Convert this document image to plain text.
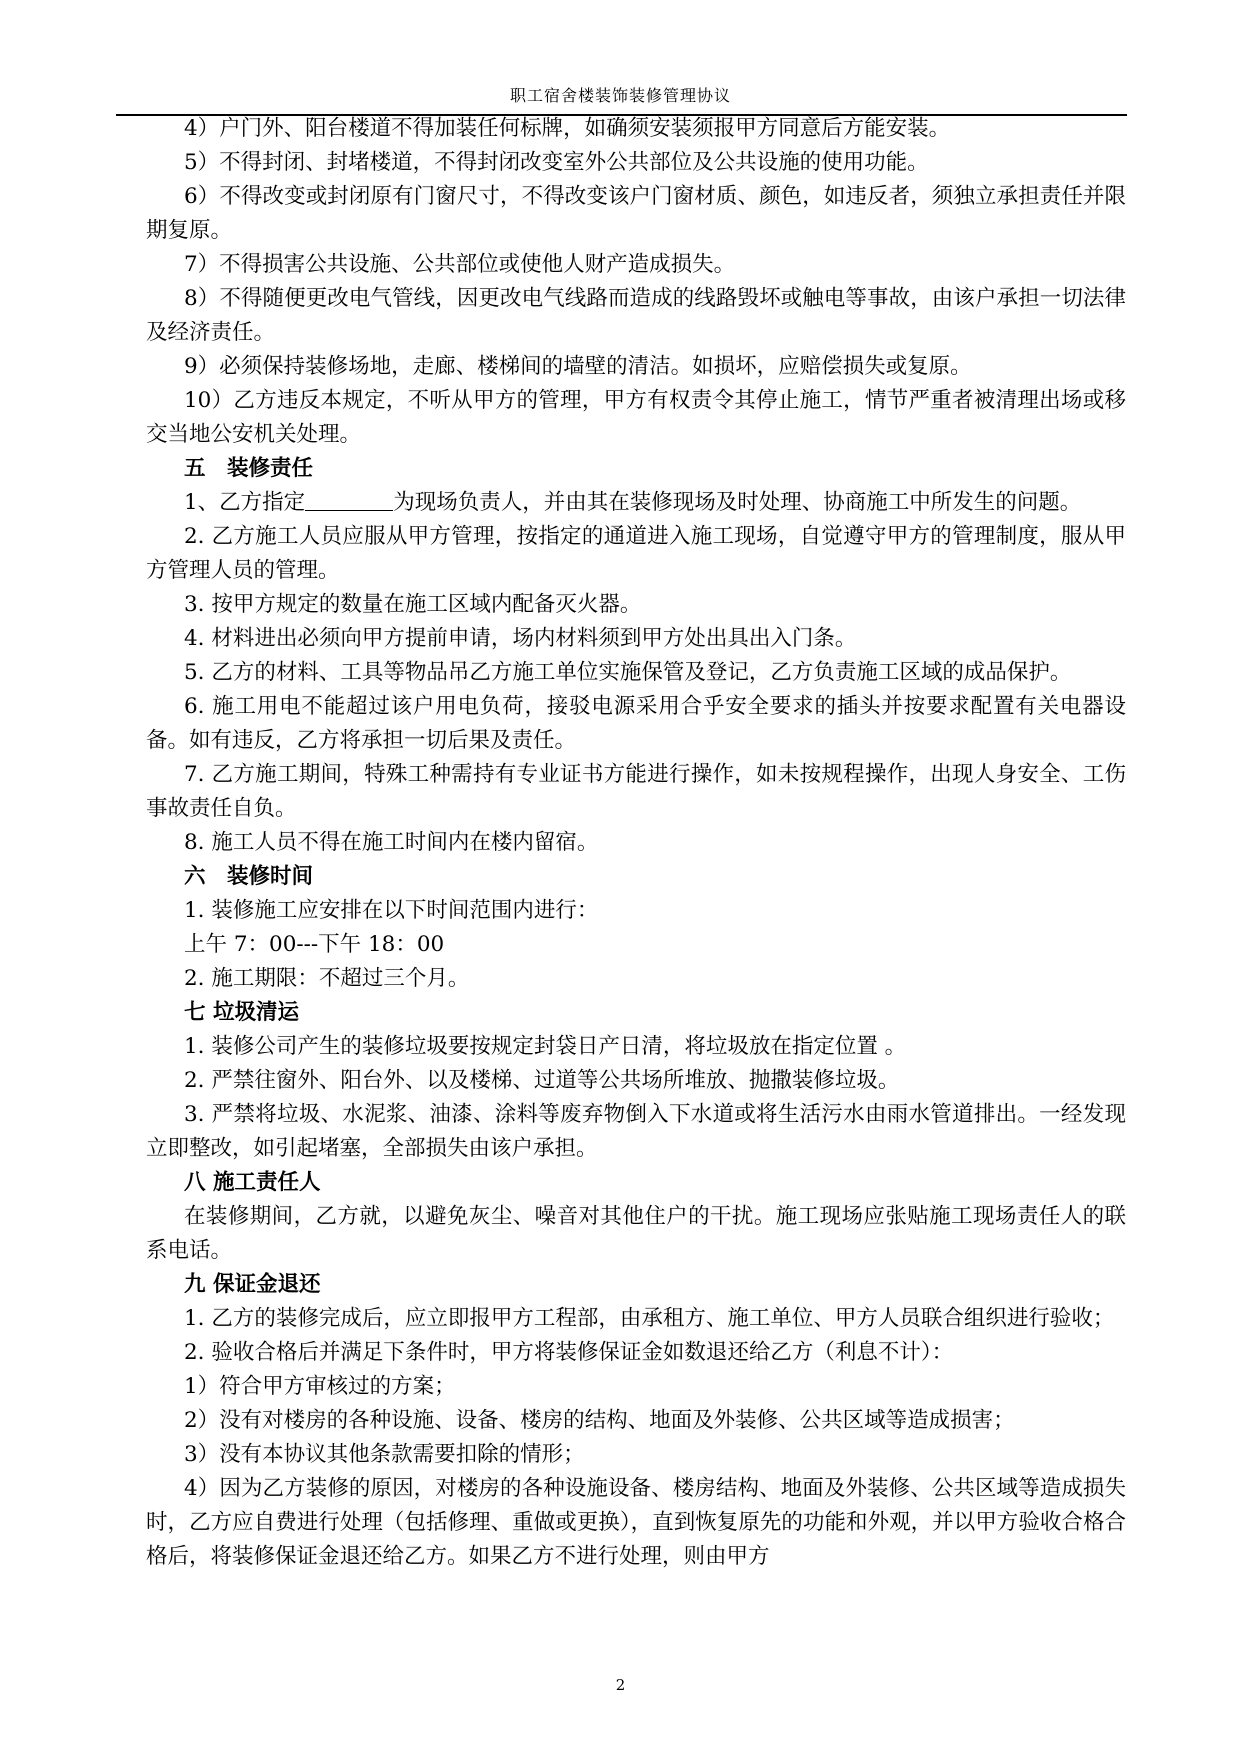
职工宿舍楼装饰装修管理协议

4）户门外、阳台楼道不得加装任何标牌，如确须安装须报甲方同意后方能安装。

5）不得封闭、封堵楼道，不得封闭改变室外公共部位及公共设施的使用功能。

6）不得改变或封闭原有门窗尺寸，不得改变该户门窗材质、颜色，如违反者，须独立承担责任并限期复原。

7）不得损害公共设施、公共部位或使他人财产造成损失。

8）不得随便更改电气管线，因更改电气线路而造成的线路毁坏或触电等事故，由该户承担一切法律及经济责任。

9）必须保持装修场地，走廊、楼梯间的墙壁的清洁。如损坏，应赔偿损失或复原。

10）乙方违反本规定，不听从甲方的管理，甲方有权责令其停止施工，情节严重者被清理出场或移交当地公安机关处理。

五　装修责任

1、乙方指定	为现场负责人，并由其在装修现场及时处理、协商施工中所发生的问题。

2. 乙方施工人员应服从甲方管理，按指定的通道进入施工现场，自觉遵守甲方的管理制度，服从甲方管理人员的管理。

3. 按甲方规定的数量在施工区域内配备灭火器。

4. 材料进出必须向甲方提前申请，场内材料须到甲方处出具出入门条。

5. 乙方的材料、工具等物品吊乙方施工单位实施保管及登记，乙方负责施工区域的成品保护。

6. 施工用电不能超过该户用电负荷，接驳电源采用合乎安全要求的插头并按要求配置有关电器设备。如有违反，乙方将承担一切后果及责任。

7. 乙方施工期间，特殊工种需持有专业证书方能进行操作，如未按规程操作，出现人身安全、工伤事故责任自负。

8. 施工人员不得在施工时间内在楼内留宿。

六　装修时间

1. 装修施工应安排在以下时间范围内进行：

上午 7：00---下午 18：00

2. 施工期限：不超过三个月。

七 垃圾清运

1. 装修公司产生的装修垃圾要按规定封袋日产日清，将垃圾放在指定位置 。

2. 严禁往窗外、阳台外、以及楼梯、过道等公共场所堆放、抛撒装修垃圾。

3. 严禁将垃圾、水泥浆、油漆、涂料等废弃物倒入下水道或将生活污水由雨水管道排出。一经发现立即整改，如引起堵塞，全部损失由该户承担。

八 施工责任人

在装修期间，乙方就，以避免灰尘、噪音对其他住户的干扰。施工现场应张贴施工现场责任人的联系电话。

九 保证金退还

1. 乙方的装修完成后，应立即报甲方工程部，由承租方、施工单位、甲方人员联合组织进行验收；

2. 验收合格后并满足下条件时，甲方将装修保证金如数退还给乙方（利息不计）：

1）符合甲方审核过的方案；

2）没有对楼房的各种设施、设备、楼房的结构、地面及外装修、公共区域等造成损害；

3）没有本协议其他条款需要扣除的情形；

4）因为乙方装修的原因，对楼房的各种设施设备、楼房结构、地面及外装修、公共区域等造成损失时，乙方应自费进行处理（包括修理、重做或更换），直到恢复原先的功能和外观，并以甲方验收合格合格后，将装修保证金退还给乙方。如果乙方不进行处理，则由甲方

2
